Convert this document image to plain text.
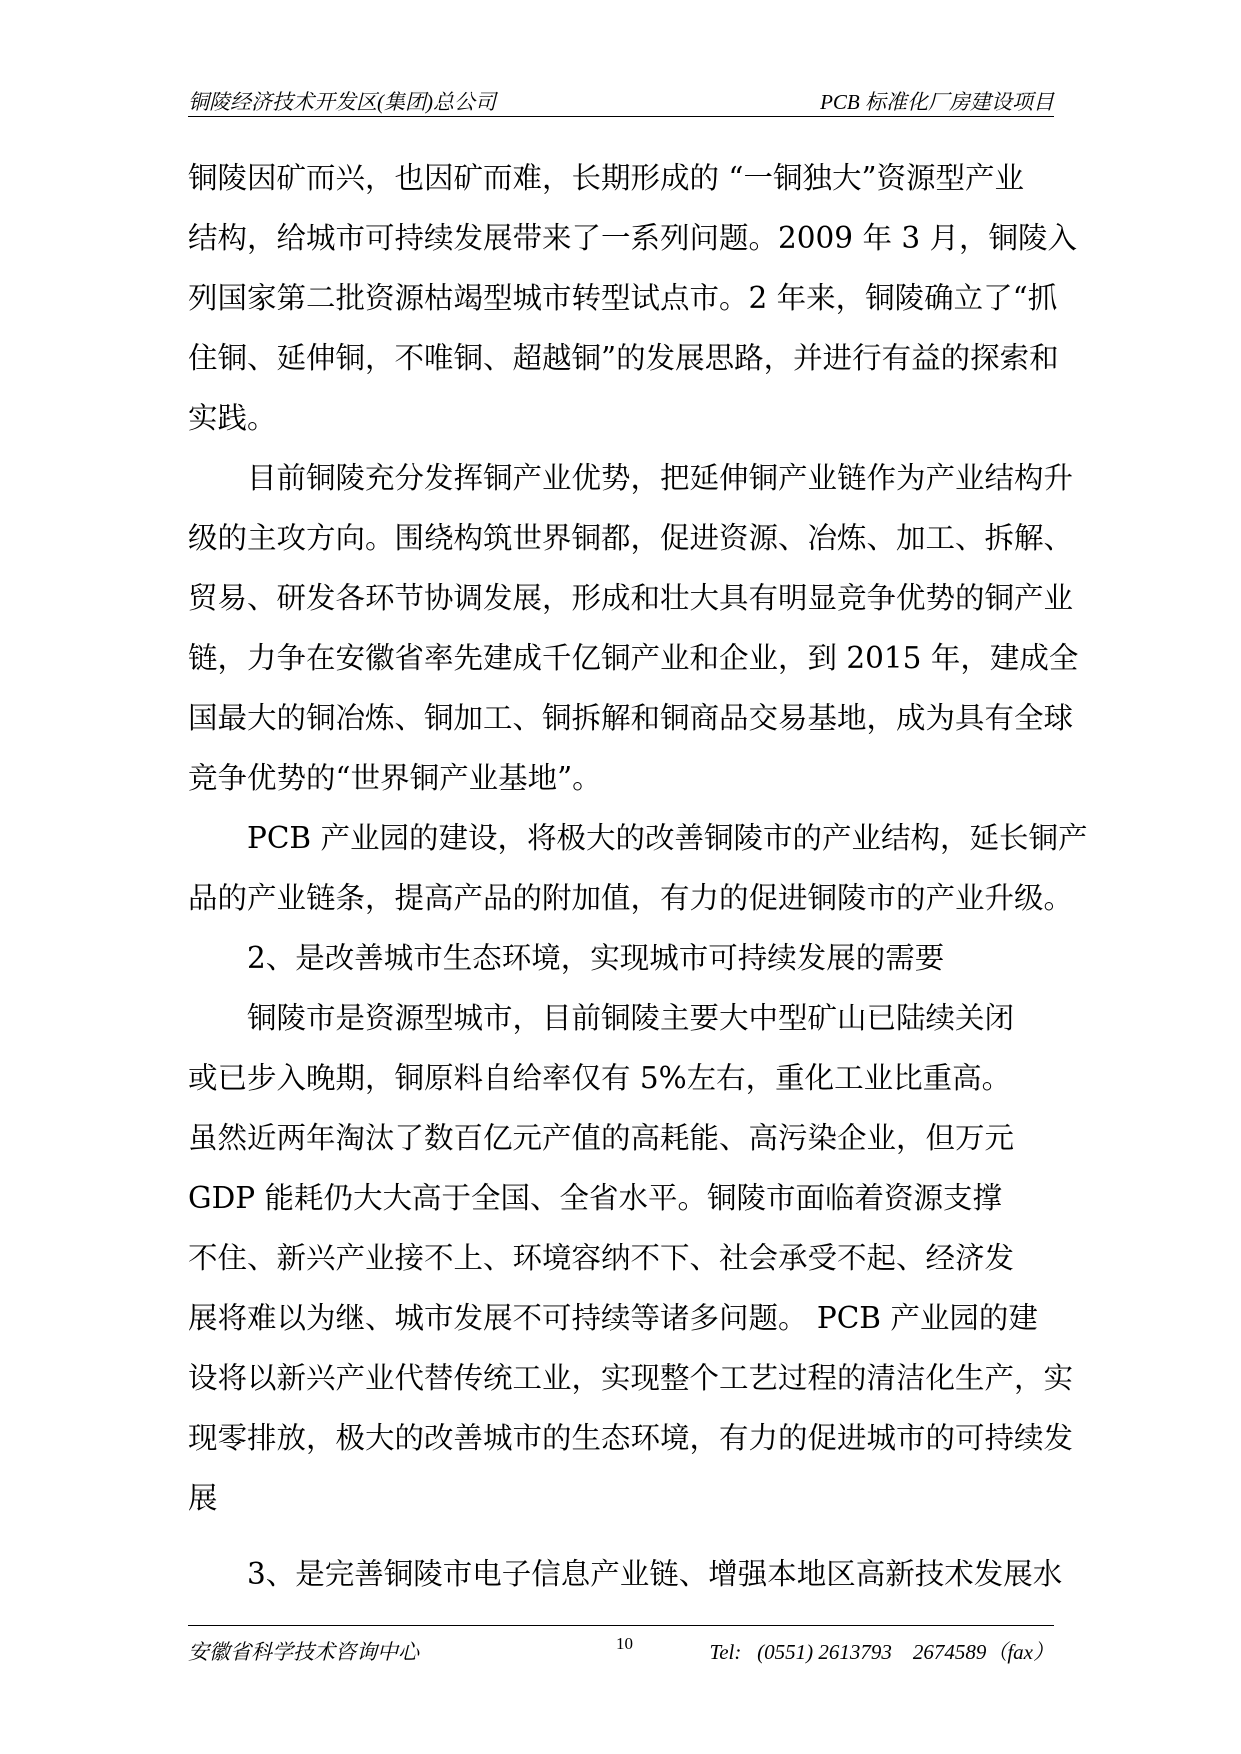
铜陵经济技术开发区(集团)总公司	PCB 标准化厂房建设项目
铜陵因矿而兴，也因矿而难，长期形成的 “一铜独大”资源型产业
结构，给城市可持续发展带来了一系列问题。2009 年 3 月，铜陵入
列国家第二批资源枯竭型城市转型试点市。2 年来，铜陵确立了“抓
住铜、延伸铜，不唯铜、超越铜”的发展思路，并进行有益的探索和
实践。
　　目前铜陵充分发挥铜产业优势，把延伸铜产业链作为产业结构升
级的主攻方向。围绕构筑世界铜都，促进资源、冶炼、加工、拆解、
贸易、研发各环节协调发展，形成和壮大具有明显竞争优势的铜产业
链，力争在安徽省率先建成千亿铜产业和企业，到 2015 年，建成全
国最大的铜冶炼、铜加工、铜拆解和铜商品交易基地，成为具有全球
竞争优势的“世界铜产业基地”。
　　PCB 产业园的建设，将极大的改善铜陵市的产业结构，延长铜产
品的产业链条，提高产品的附加值，有力的促进铜陵市的产业升级。
　　2、是改善城市生态环境，实现城市可持续发展的需要
　　铜陵市是资源型城市，目前铜陵主要大中型矿山已陆续关闭
或已步入晚期，铜原料自给率仅有 5%左右，重化工业比重高。
虽然近两年淘汰了数百亿元产值的高耗能、高污染企业，但万元
GDP 能耗仍大大高于全国、全省水平。铜陵市面临着资源支撑
不住、新兴产业接不上、环境容纳不下、社会承受不起、经济发
展将难以为继、城市发展不可持续等诸多问题。 PCB 产业园的建
设将以新兴产业代替传统工业，实现整个工艺过程的清洁化生产，实
现零排放，极大的改善城市的生态环境，有力的促进城市的可持续发
展
　　3、是完善铜陵市电子信息产业链、增强本地区高新技术发展水
安徽省科学技术咨询中心	10	Tel:   (0551) 2613793    2674589（fax）
